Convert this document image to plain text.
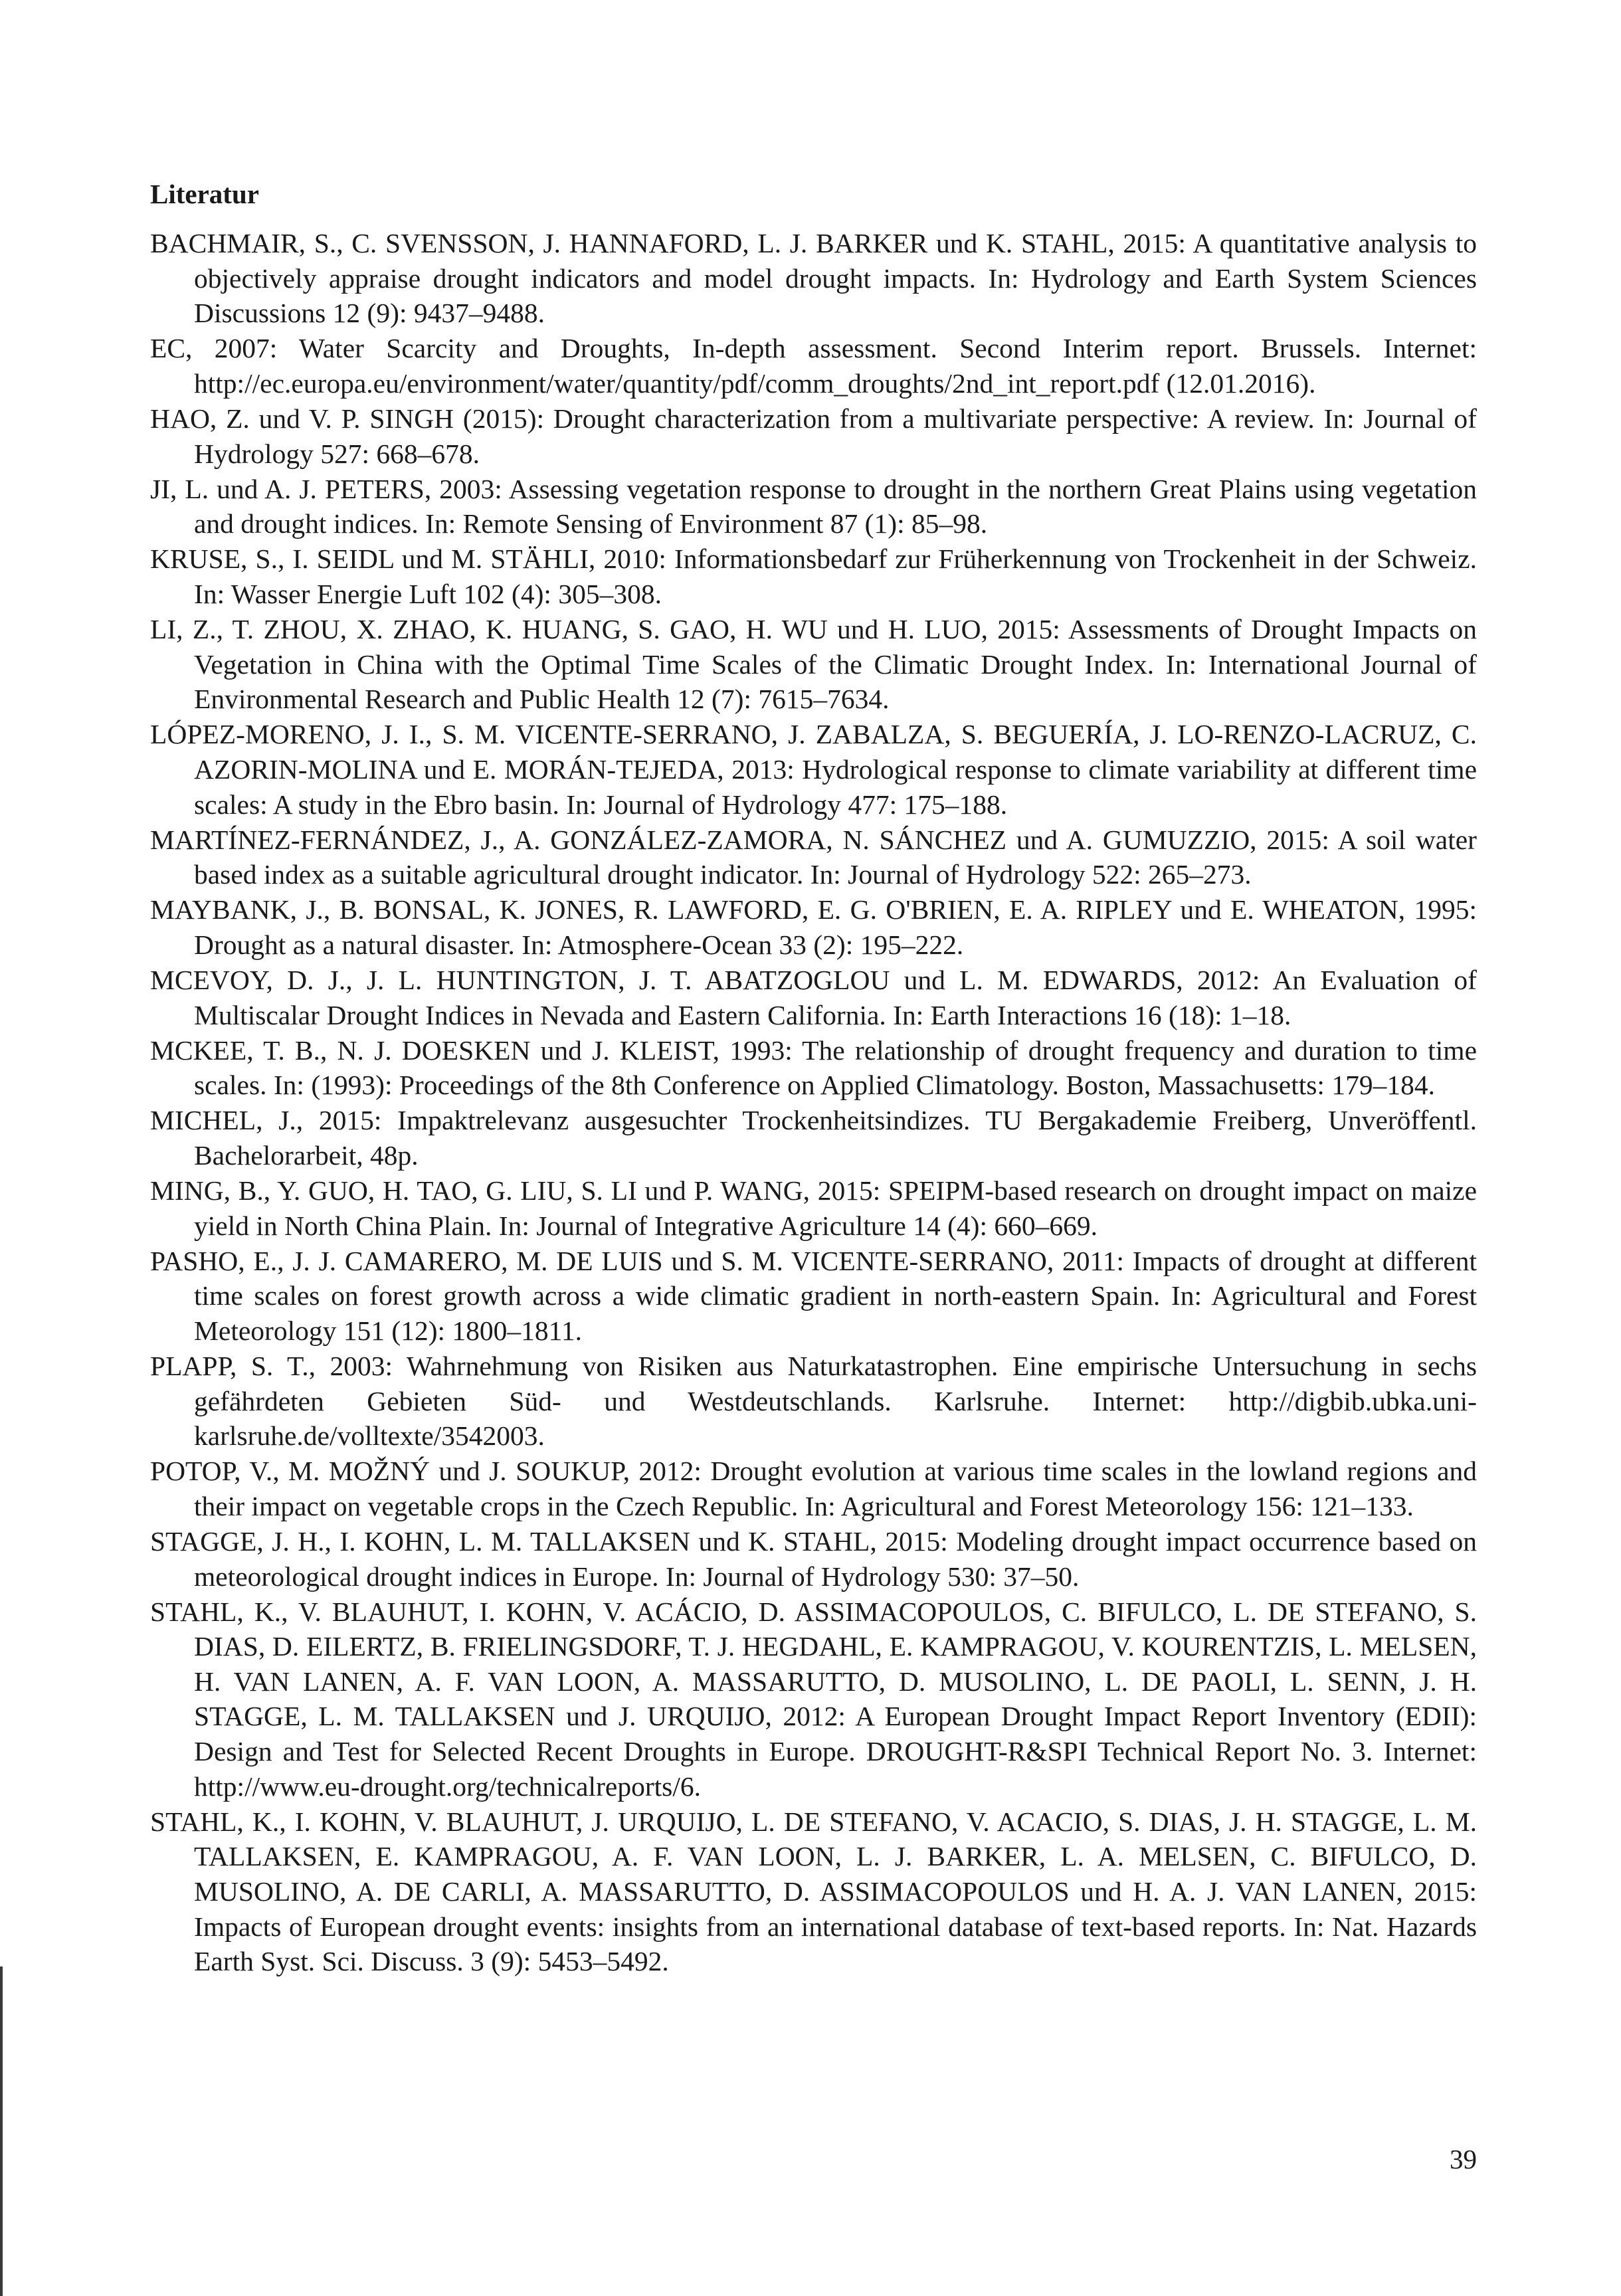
Literatur
BACHMAIR, S., C. SVENSSON, J. HANNAFORD, L. J. BARKER und K. STAHL, 2015: A quantitative analysis to objectively appraise drought indicators and model drought impacts. In: Hydrology and Earth System Sciences Discussions 12 (9): 9437–9488.
EC, 2007: Water Scarcity and Droughts, In-depth assessment. Second Interim report. Brussels. Internet: http://ec.europa.eu/environment/water/quantity/pdf/comm_droughts/2nd_int_report.pdf (12.01.2016).
HAO, Z. und V. P. SINGH (2015): Drought characterization from a multivariate perspective: A review. In: Journal of Hydrology 527: 668–678.
JI, L. und A. J. PETERS, 2003: Assessing vegetation response to drought in the northern Great Plains using vegetation and drought indices. In: Remote Sensing of Environment 87 (1): 85–98.
KRUSE, S., I. SEIDL und M. STÄHLI, 2010: Informationsbedarf zur Früherkennung von Trockenheit in der Schweiz. In: Wasser Energie Luft 102 (4): 305–308.
LI, Z., T. ZHOU, X. ZHAO, K. HUANG, S. GAO, H. WU und H. LUO, 2015: Assessments of Drought Impacts on Vegetation in China with the Optimal Time Scales of the Climatic Drought Index. In: International Journal of Environmental Research and Public Health 12 (7): 7615–7634.
LÓPEZ-MORENO, J. I., S. M. VICENTE-SERRANO, J. ZABALZA, S. BEGUERÍA, J. LO-RENZO-LACRUZ, C. AZORIN-MOLINA und E. MORÁN-TEJEDA, 2013: Hydrological response to climate variability at different time scales: A study in the Ebro basin. In: Journal of Hydrology 477: 175–188.
MARTÍNEZ-FERNÁNDEZ, J., A. GONZÁLEZ-ZAMORA, N. SÁNCHEZ und A. GUMUZZIO, 2015: A soil water based index as a suitable agricultural drought indicator. In: Journal of Hydrology 522: 265–273.
MAYBANK, J., B. BONSAL, K. JONES, R. LAWFORD, E. G. O'BRIEN, E. A. RIPLEY und E. WHEATON, 1995: Drought as a natural disaster. In: Atmosphere-Ocean 33 (2): 195–222.
MCEVOY, D. J., J. L. HUNTINGTON, J. T. ABATZOGLOU und L. M. EDWARDS, 2012: An Evaluation of Multiscalar Drought Indices in Nevada and Eastern California. In: Earth Interactions 16 (18): 1–18.
MCKEE, T. B., N. J. DOESKEN und J. KLEIST, 1993: The relationship of drought frequency and duration to time scales. In: (1993): Proceedings of the 8th Conference on Applied Climatology. Boston, Massachusetts: 179–184.
MICHEL, J., 2015: Impaktrelevanz ausgesuchter Trockenheitsindizes. TU Bergakademie Freiberg, Unveröffentl. Bachelorarbeit, 48p.
MING, B., Y. GUO, H. TAO, G. LIU, S. LI und P. WANG, 2015: SPEIPM-based research on drought impact on maize yield in North China Plain. In: Journal of Integrative Agriculture 14 (4): 660–669.
PASHO, E., J. J. CAMARERO, M. DE LUIS und S. M. VICENTE-SERRANO, 2011: Impacts of drought at different time scales on forest growth across a wide climatic gradient in north-eastern Spain. In: Agricultural and Forest Meteorology 151 (12): 1800–1811.
PLAPP, S. T., 2003: Wahrnehmung von Risiken aus Naturkatastrophen. Eine empirische Untersuchung in sechs gefährdeten Gebieten Süd- und Westdeutschlands. Karlsruhe. Internet: http://digbib.ubka.uni-karlsruhe.de/volltexte/3542003.
POTOP, V., M. MOŽNÝ und J. SOUKUP, 2012: Drought evolution at various time scales in the lowland regions and their impact on vegetable crops in the Czech Republic. In: Agricultural and Forest Meteorology 156: 121–133.
STAGGE, J. H., I. KOHN, L. M. TALLAKSEN und K. STAHL, 2015: Modeling drought impact occurrence based on meteorological drought indices in Europe. In: Journal of Hydrology 530: 37–50.
STAHL, K., V. BLAUHUT, I. KOHN, V. ACÁCIO, D. ASSIMACOPOULOS, C. BIFULCO, L. DE STEFANO, S. DIAS, D. EILERTZ, B. FRIELINGSDORF, T. J. HEGDAHL, E. KAMPRAGOU, V. KOURENTZIS, L. MELSEN, H. VAN LANEN, A. F. VAN LOON, A. MASSARUTTO, D. MUSOLINO, L. DE PAOLI, L. SENN, J. H. STAGGE, L. M. TALLAKSEN und J. URQUIJO, 2012: A European Drought Impact Report Inventory (EDII): Design and Test for Selected Recent Droughts in Europe. DROUGHT-R&SPI Technical Report No. 3. Internet: http://www.eu-drought.org/technicalreports/6.
STAHL, K., I. KOHN, V. BLAUHUT, J. URQUIJO, L. DE STEFANO, V. ACACIO, S. DIAS, J. H. STAGGE, L. M. TALLAKSEN, E. KAMPRAGOU, A. F. VAN LOON, L. J. BARKER, L. A. MELSEN, C. BIFULCO, D. MUSOLINO, A. DE CARLI, A. MASSARUTTO, D. ASSIMACOPOULOS und H. A. J. VAN LANEN, 2015: Impacts of European drought events: insights from an international database of text-based reports. In: Nat. Hazards Earth Syst. Sci. Discuss. 3 (9): 5453–5492.
39
